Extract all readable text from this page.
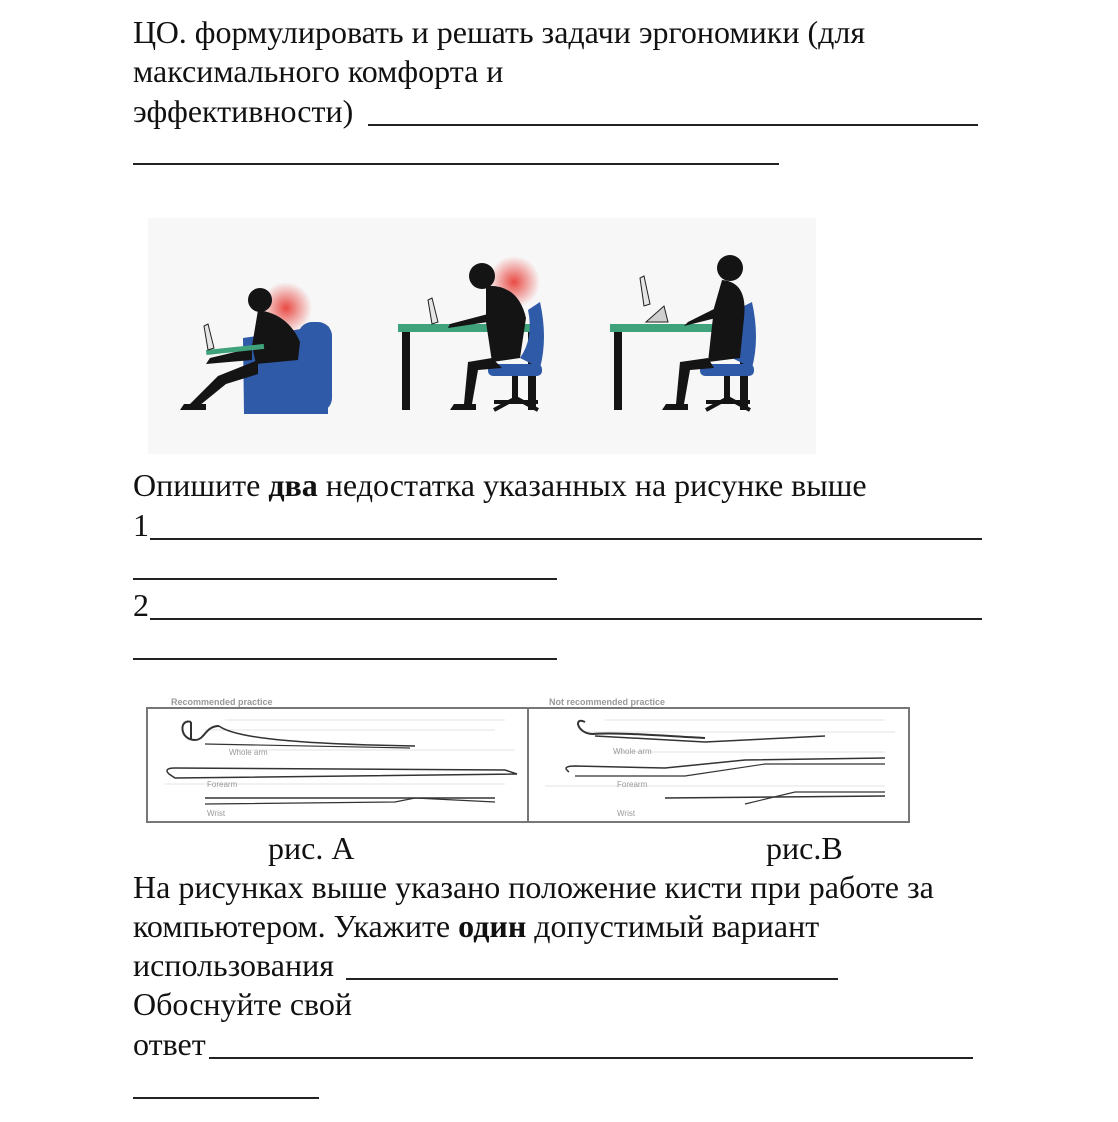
ЦО. формулировать и решать задачи эргономики (для
максимального комфорта и
эффективности)
Опишите два недостатка указанных на рисунке выше
1
2
Recommended practice	Not recommended practice
Whole arm
Forearm
Wrist
Whole arm
Forearm
Wrist
рис. А	рис.В
На рисунках выше указано положение кисти при работе за
компьютером. Укажите один допустимый вариант
использования
Обоснуйте свой
ответ
